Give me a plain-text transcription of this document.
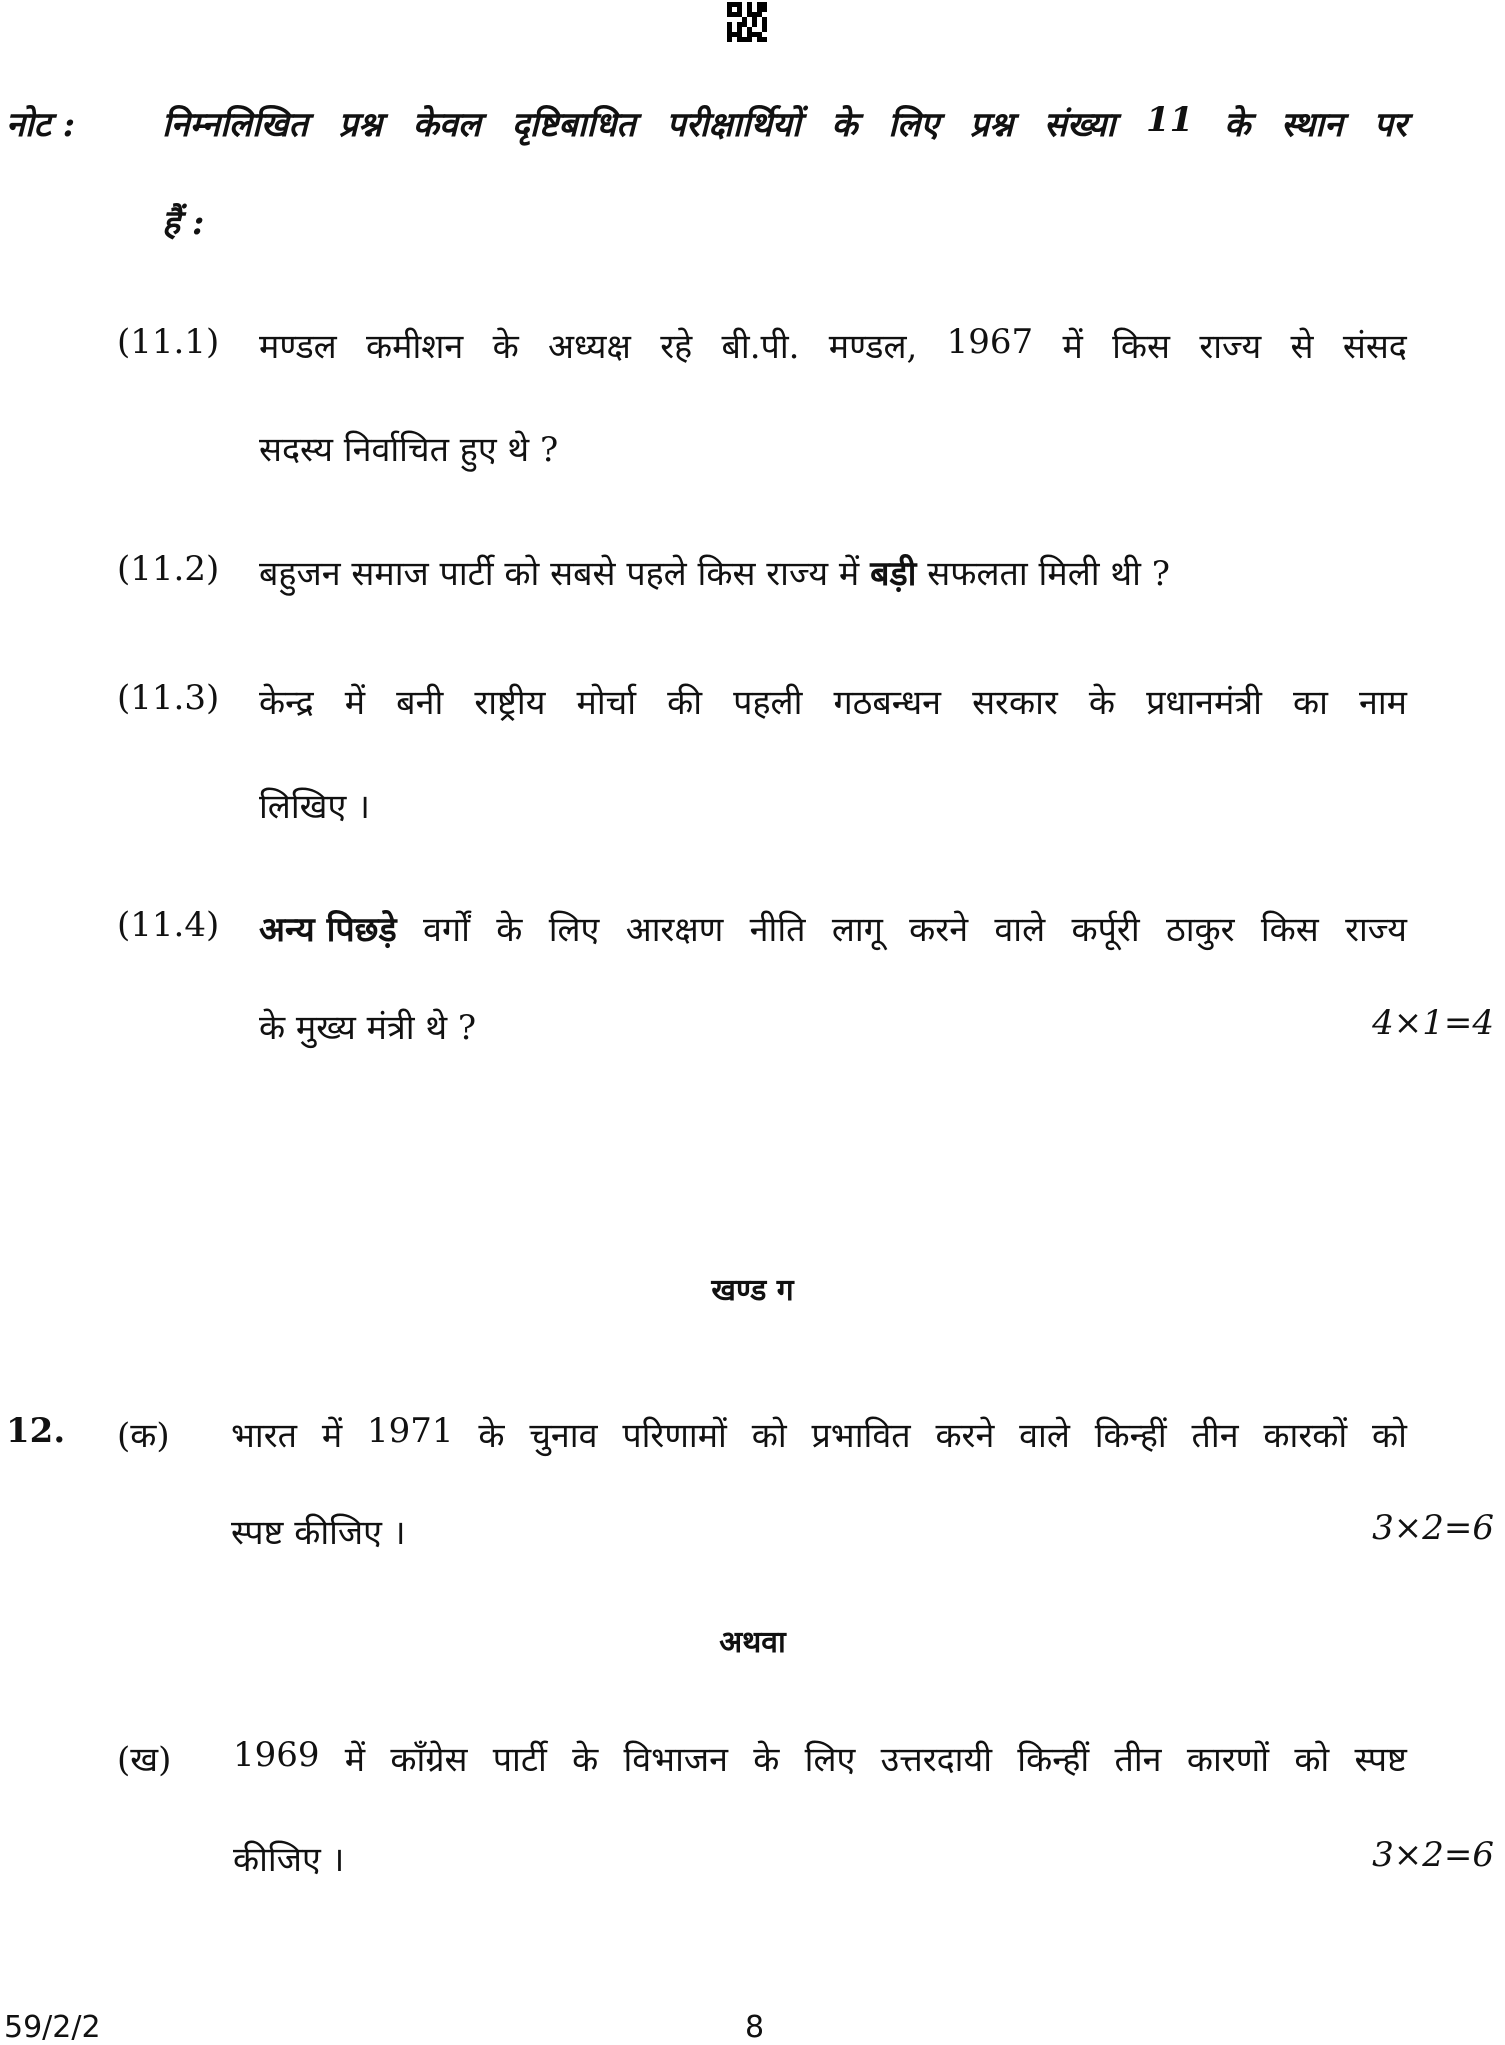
नोट :	निम्नलिखित प्रश्न केवल दृष्टिबाधित परीक्षार्थियों के लिए प्रश्न संख्या 11 के स्थान पर
हैं :
(11.1) मण्डल कमीशन के अध्यक्ष रहे बी.पी. मण्डल, 1967 में किस राज्य से संसद
सदस्य निर्वाचित हुए थे ?
(11.2) बहुजन समाज पार्टी को सबसे पहले किस राज्य में बड़ी सफलता मिली थी ?
(11.3) केन्द्र में बनी राष्ट्रीय मोर्चा की पहली गठबन्धन सरकार के प्रधानमंत्री का नाम
लिखिए ।
(11.4) अन्य पिछड़े वर्गों के लिए आरक्षण नीति लागू करने वाले कर्पूरी ठाकुर किस राज्य
के मुख्य मंत्री थे ?	4×1=4
खण्ड ग
12. (क) भारत में 1971 के चुनाव परिणामों को प्रभावित करने वाले किन्हीं तीन कारकों को
स्पष्ट कीजिए ।	3×2=6
अथवा
(ख) 1969 में कॉंग्रेस पार्टी के विभाजन के लिए उत्तरदायी किन्हीं तीन कारणों को स्पष्ट
कीजिए ।	3×2=6
59/2/2	8
